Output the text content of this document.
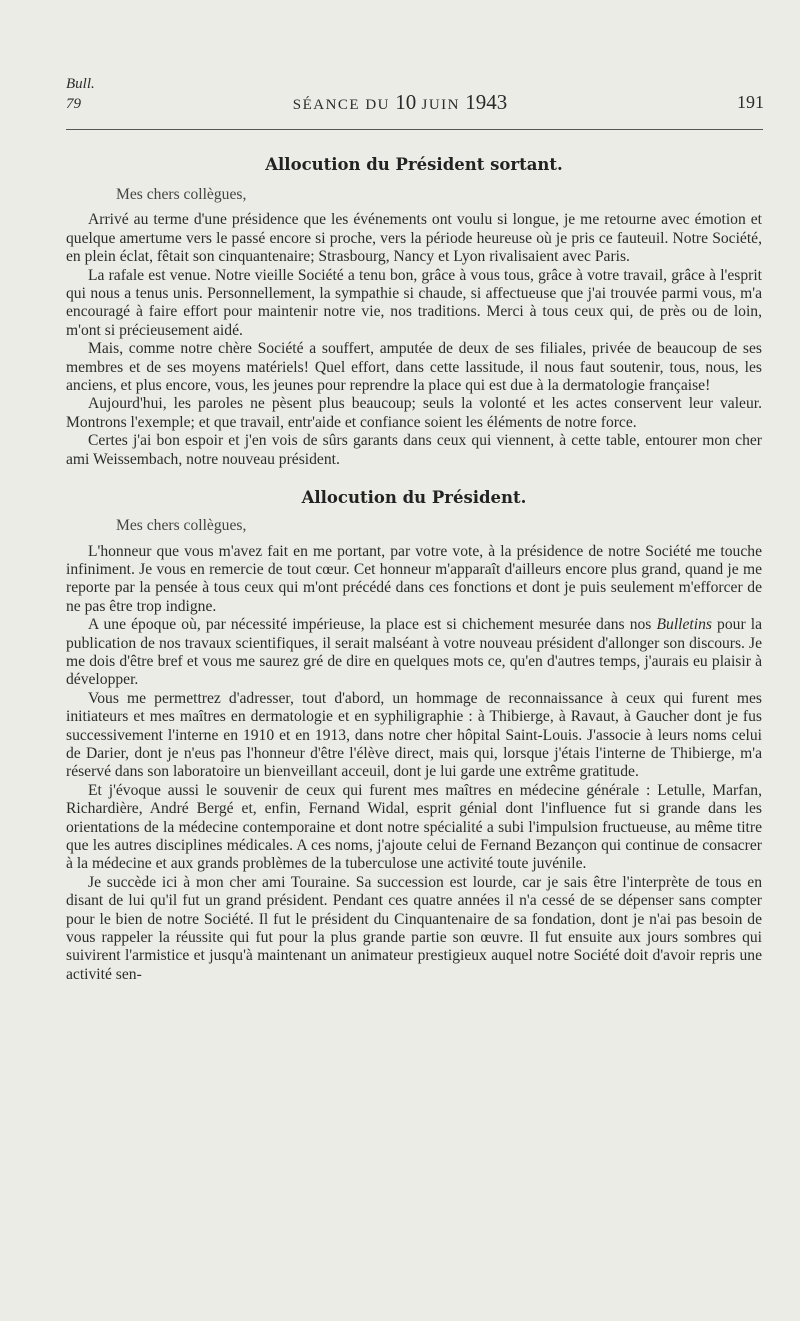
Bull.
79	SÉANCE DU 10 JUIN 1943	191
Allocution du Président sortant.

Mes chers collègues,

Arrivé au terme d'une présidence que les événements ont voulu si longue, je me retourne avec émotion et quelque amertume vers le passé encore si proche, vers la période heureuse où je pris ce fauteuil. Notre Société, en plein éclat, fêtait son cinquantenaire; Strasbourg, Nancy et Lyon rivalisaient avec Paris.

La rafale est venue. Notre vieille Société a tenu bon, grâce à vous tous, grâce à votre travail, grâce à l'esprit qui nous a tenus unis. Personnellement, la sympathie si chaude, si affectueuse que j'ai trouvée parmi vous, m'a encouragé à faire effort pour maintenir notre vie, nos traditions. Merci à tous ceux qui, de près ou de loin, m'ont si précieusement aidé.

Mais, comme notre chère Société a souffert, amputée de deux de ses filiales, privée de beaucoup de ses membres et de ses moyens matériels! Quel effort, dans cette lassitude, il nous faut soutenir, tous, nous, les anciens, et plus encore, vous, les jeunes pour reprendre la place qui est due à la dermatologie française!

Aujourd'hui, les paroles ne pèsent plus beaucoup; seuls la volonté et les actes conservent leur valeur. Montrons l'exemple; et que travail, entr'aide et confiance soient les éléments de notre force.

Certes j'ai bon espoir et j'en vois de sûrs garants dans ceux qui viennent, à cette table, entourer mon cher ami Weissembach, notre nouveau président.

Allocution du Président.

Mes chers collègues,

L'honneur que vous m'avez fait en me portant, par votre vote, à la présidence de notre Société me touche infiniment. Je vous en remercie de tout cœur. Cet honneur m'apparaît d'ailleurs encore plus grand, quand je me reporte par la pensée à tous ceux qui m'ont précédé dans ces fonctions et dont je puis seulement m'efforcer de ne pas être trop indigne.

A une époque où, par nécessité impérieuse, la place est si chichement mesurée dans nos Bulletins pour la publication de nos travaux scientifiques, il serait malséant à votre nouveau président d'allonger son discours. Je me dois d'être bref et vous me saurez gré de dire en quelques mots ce, qu'en d'autres temps, j'aurais eu plaisir à développer.

Vous me permettrez d'adresser, tout d'abord, un hommage de reconnaissance à ceux qui furent mes initiateurs et mes maîtres en dermatologie et en syphiligraphie : à Thibierge, à Ravaut, à Gaucher dont je fus successivement l'interne en 1910 et en 1913, dans notre cher hôpital Saint-Louis. J'associe à leurs noms celui de Darier, dont je n'eus pas l'honneur d'être l'élève direct, mais qui, lorsque j'étais l'interne de Thibierge, m'a réservé dans son laboratoire un bienveillant acceuil, dont je lui garde une extrême gratitude.

Et j'évoque aussi le souvenir de ceux qui furent mes maîtres en médecine générale : Letulle, Marfan, Richardière, André Bergé et, enfin, Fernand Widal, esprit génial dont l'influence fut si grande dans les orientations de la médecine contemporaine et dont notre spécialité a subi l'impulsion fructueuse, au même titre que les autres disciplines médicales. A ces noms, j'ajoute celui de Fernand Bezançon qui continue de consacrer à la médecine et aux grands problèmes de la tuberculose une activité toute juvénile.

Je succède ici à mon cher ami Touraine. Sa succession est lourde, car je sais être l'interprète de tous en disant de lui qu'il fut un grand président. Pendant ces quatre années il n'a cessé de se dépenser sans compter pour le bien de notre Société. Il fut le président du Cinquantenaire de sa fondation, dont je n'ai pas besoin de vous rappeler la réussite qui fut pour la plus grande partie son œuvre. Il fut ensuite aux jours sombres qui suivirent l'armistice et jusqu'à maintenant un animateur prestigieux auquel notre Société doit d'avoir repris une activité sen-
